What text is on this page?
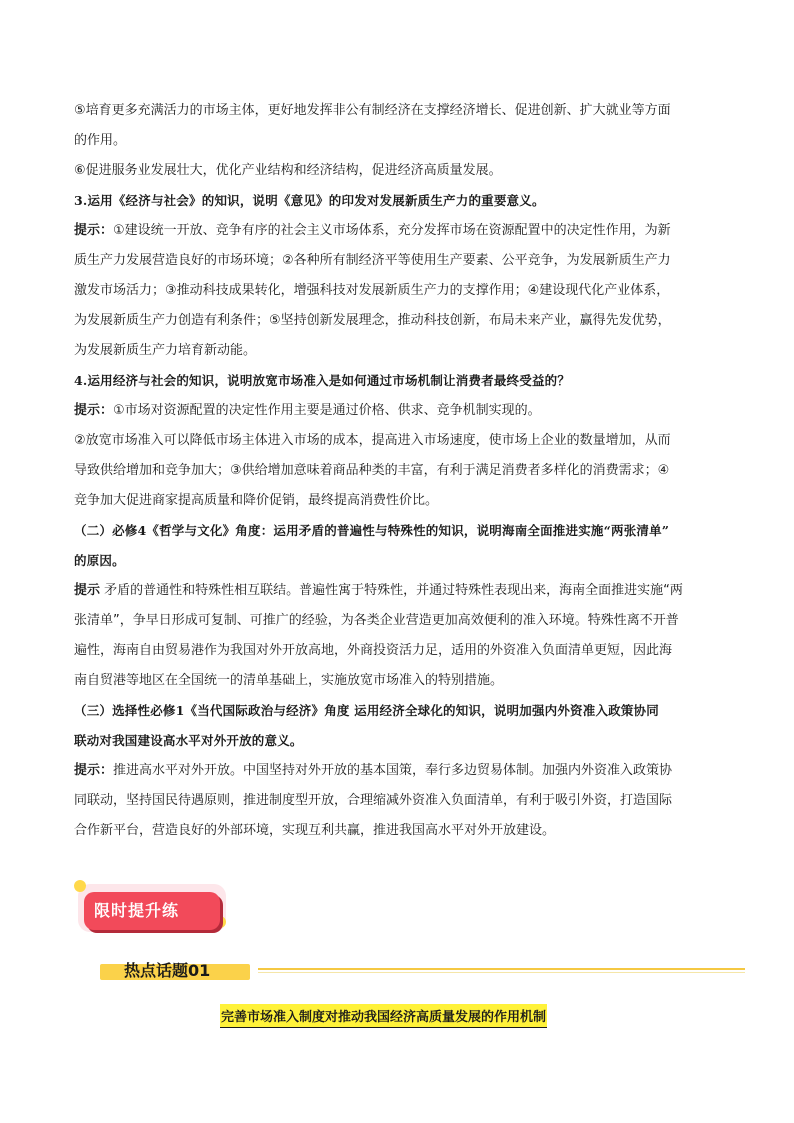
⑤培育更多充满活力的市场主体，更好地发挥非公有制经济在支撑经济增长、促进创新、扩大就业等方面

的作用。

⑥促进服务业发展壮大，优化产业结构和经济结构，促进经济高质量发展。

3.运用《经济与社会》的知识，说明《意见》的印发对发展新质生产力的重要意义。

提示：①建设统一开放、竞争有序的社会主义市场体系，充分发挥市场在资源配置中的决定性作用，为新

质生产力发展营造良好的市场环境；②各种所有制经济平等使用生产要素、公平竞争，为发展新质生产力

激发市场活力；③推动科技成果转化，增强科技对发展新质生产力的支撑作用；④建设现代化产业体系，

为发展新质生产力创造有利条件；⑤坚持创新发展理念，推动科技创新，布局未来产业，赢得先发优势，

为发展新质生产力培育新动能。

4.运用经济与社会的知识，说明放宽市场准入是如何通过市场机制让消费者最终受益的？

提示：①市场对资源配置的决定性作用主要是通过价格、供求、竞争机制实现的。

②放宽市场准入可以降低市场主体进入市场的成本，提高进入市场速度，使市场上企业的数量增加，从而

导致供给增加和竞争加大；③供给增加意味着商品种类的丰富，有利于满足消费者多样化的消费需求；④

竞争加大促进商家提高质量和降价促销，最终提高消费性价比。

（二）必修4《哲学与文化》角度：运用矛盾的普遍性与特殊性的知识，说明海南全面推进实施“两张清单”

的原因。

提示 矛盾的普通性和特殊性相互联结。普遍性寓于特殊性，并通过特殊性表现出来，海南全面推进实施“两

张清单”，争早日形成可复制、可推广的经验，为各类企业营造更加高效便利的准入环境。特殊性离不开普

遍性，海南自由贸易港作为我国对外开放高地，外商投资活力足，适用的外资准入负面清单更短，因此海

南自贸港等地区在全国统一的清单基础上，实施放宽市场准入的特别措施。

（三）选择性必修1《当代国际政治与经济》角度 运用经济全球化的知识，说明加强内外资准入政策协同

联动对我国建设高水平对外开放的意义。

提示：推进高水平对外开放。中国坚持对外开放的基本国策，奉行多边贸易体制。加强内外资准入政策协

同联动，坚持国民待遇原则，推进制度型开放，合理缩减外资准入负面清单，有利于吸引外资，打造国际

合作新平台，营造良好的外部环境，实现互利共赢，推进我国高水平对外开放建设。

限时提升练
热点话题01
完善市场准入制度对推动我国经济高质量发展的作用机制
